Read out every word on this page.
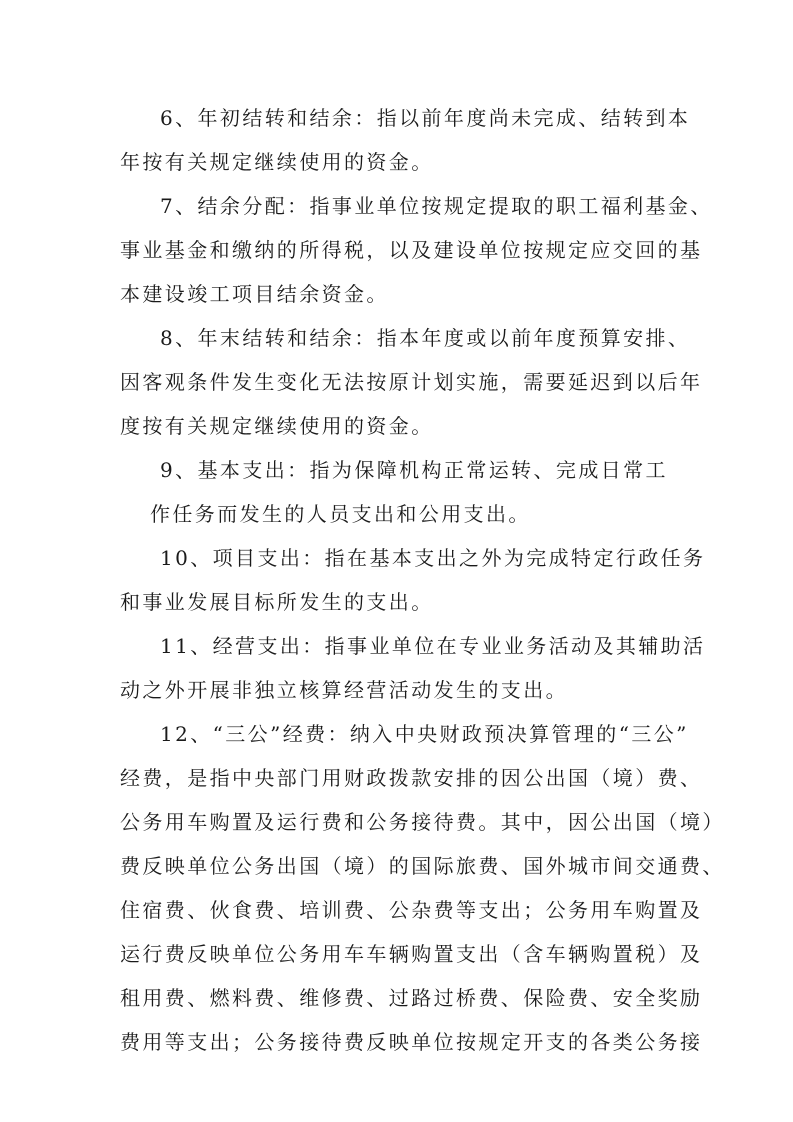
6、年初结转和结余：指以前年度尚未完成、结转到本
年按有关规定继续使用的资金。
7、结余分配：指事业单位按规定提取的职工福利基金、
事业基金和缴纳的所得税，以及建设单位按规定应交回的基
本建设竣工项目结余资金。
8、年末结转和结余：指本年度或以前年度预算安排、
因客观条件发生变化无法按原计划实施，需要延迟到以后年
度按有关规定继续使用的资金。
9、基本支出：指为保障机构正常运转、完成日常工
作任务而发生的人员支出和公用支出。
10、项目支出：指在基本支出之外为完成特定行政任务
和事业发展目标所发生的支出。
11、经营支出：指事业单位在专业业务活动及其辅助活
动之外开展非独立核算经营活动发生的支出。
12、“三公”经费：纳入中央财政预决算管理的“三公”
经费，是指中央部门用财政拨款安排的因公出国（境）费、
公务用车购置及运行费和公务接待费。其中，因公出国（境）
费反映单位公务出国（境）的国际旅费、国外城市间交通费、
住宿费、伙食费、培训费、公杂费等支出；公务用车购置及
运行费反映单位公务用车车辆购置支出（含车辆购置税）及
租用费、燃料费、维修费、过路过桥费、保险费、安全奖励
费用等支出；公务接待费反映单位按规定开支的各类公务接
